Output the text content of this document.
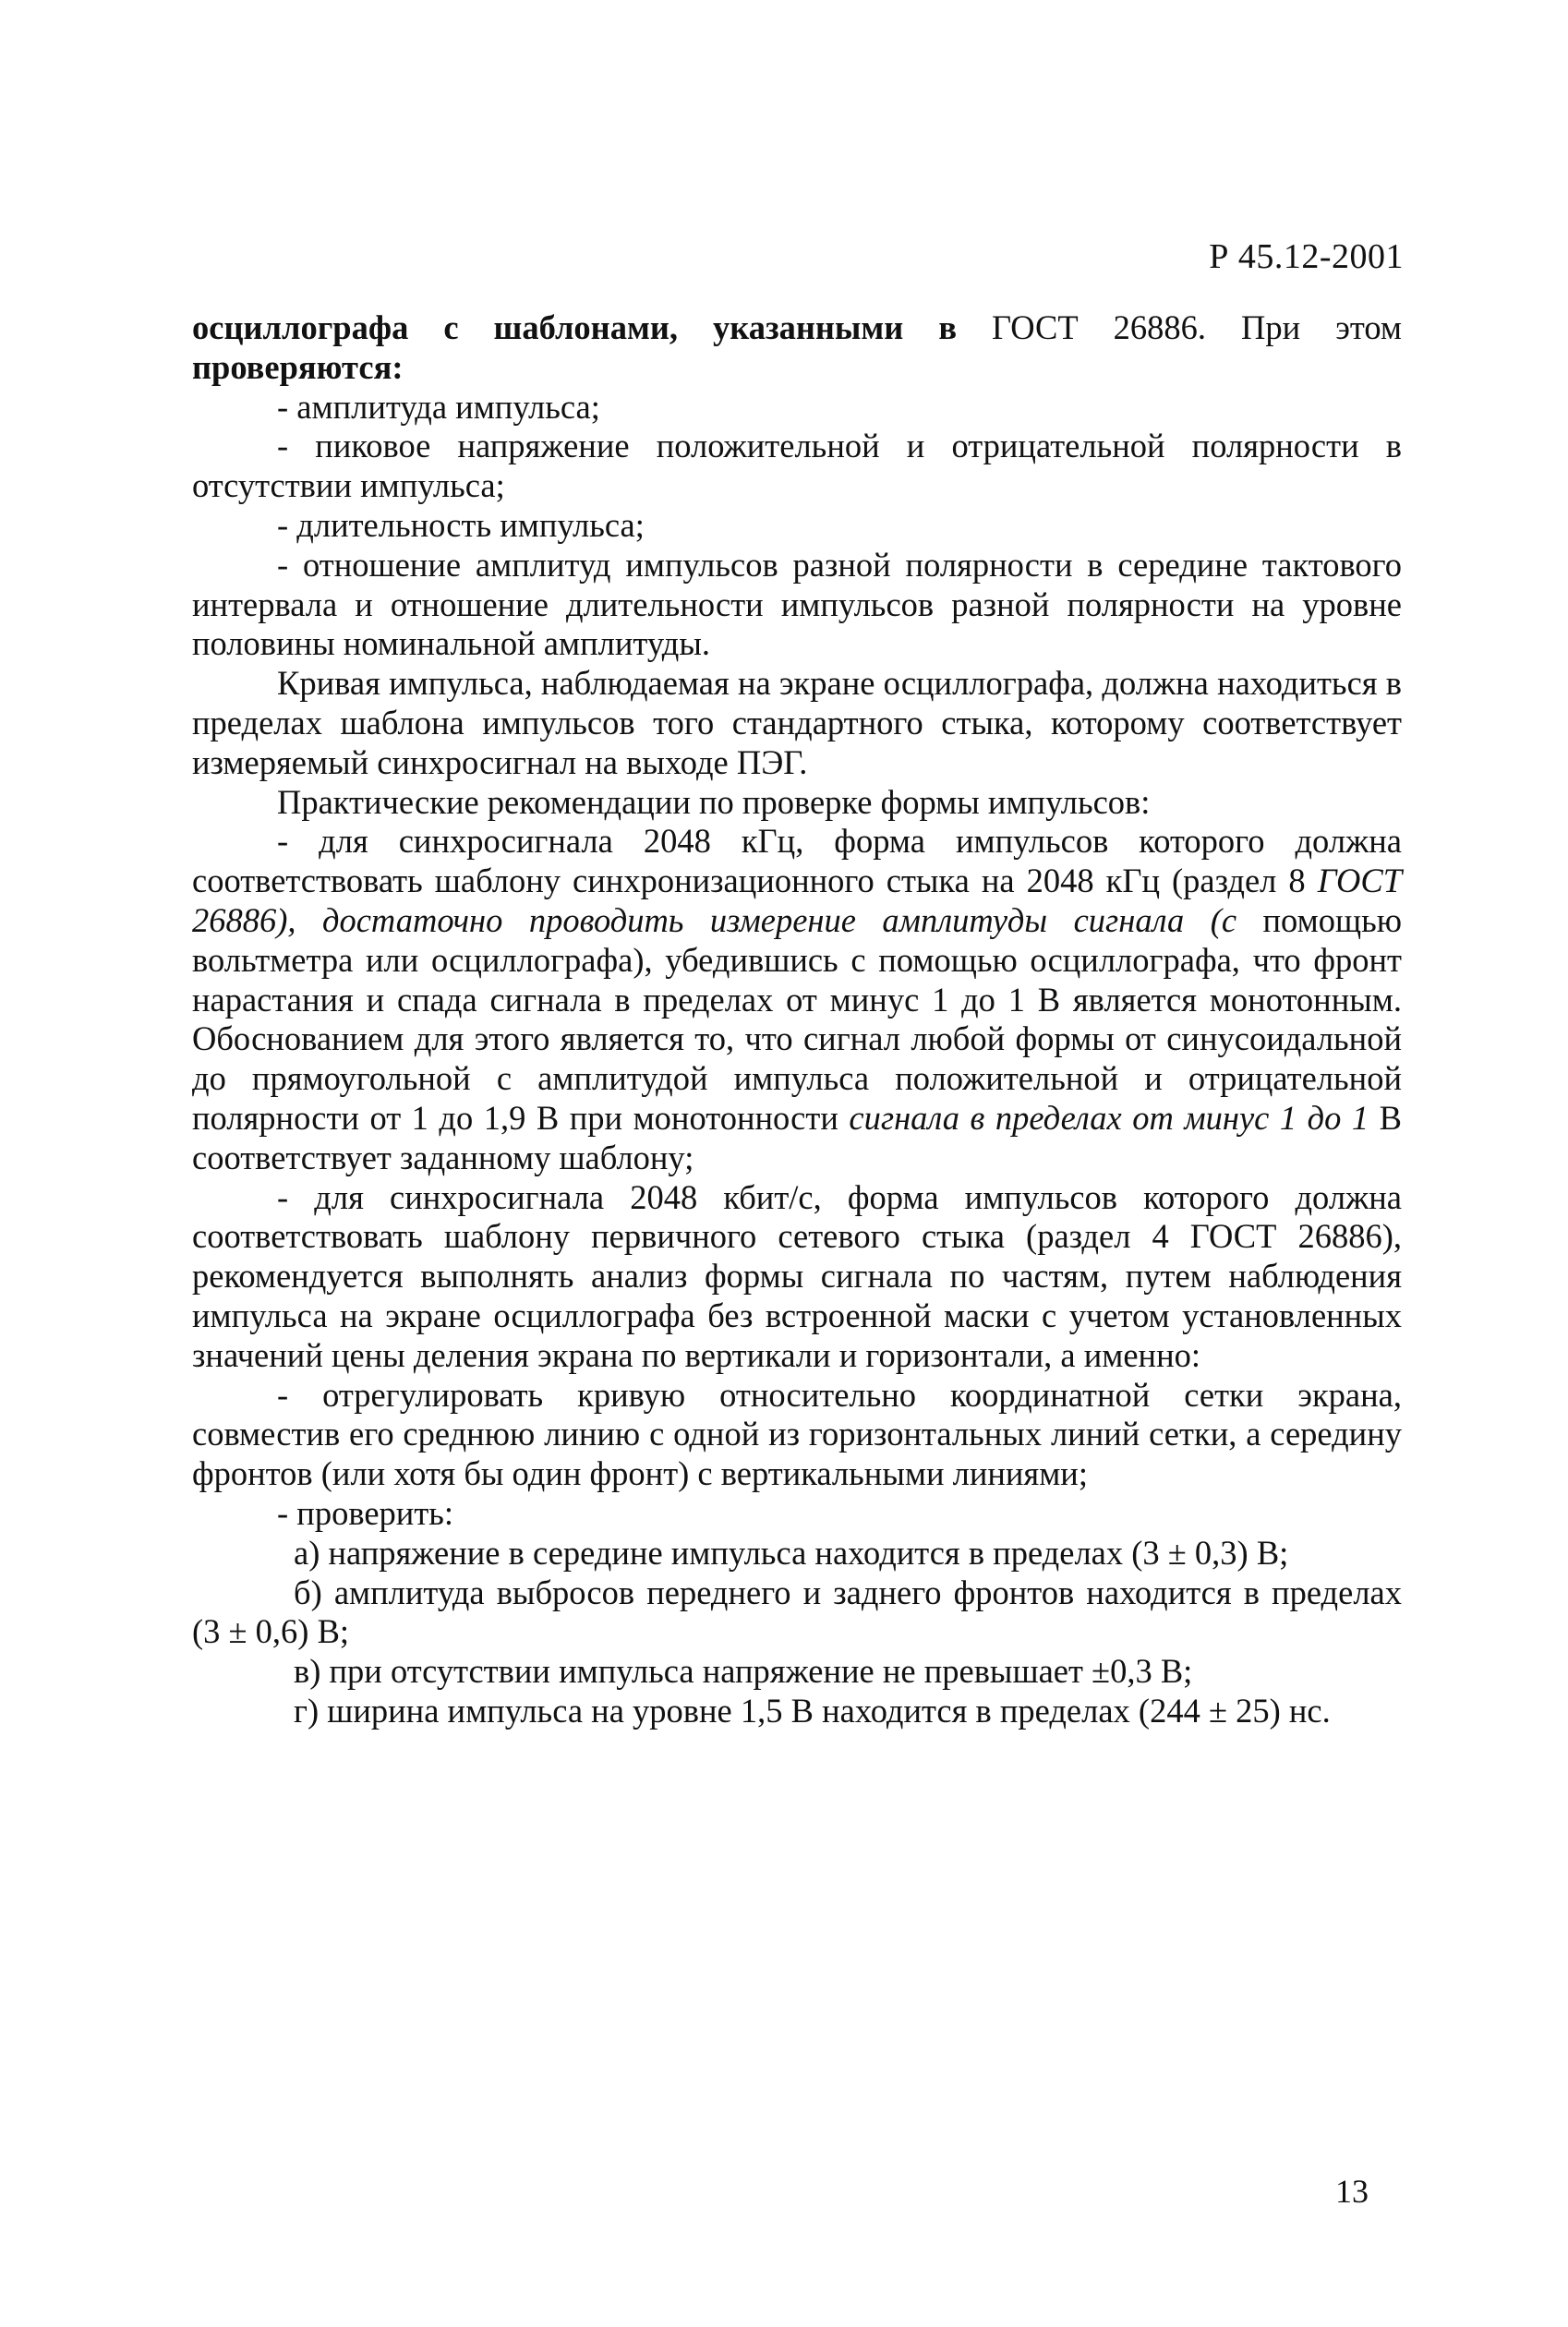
Р 45.12-2001

осциллографа с шаблонами, указанными в ГОСТ 26886. При этом проверяются:

- амплитуда импульса;

- пиковое напряжение положительной и отрицательной полярности в отсутствии импульса;

- длительность импульса;

- отношение амплитуд импульсов разной полярности в середине тактового интервала и отношение длительности импульсов разной полярности на уровне половины номинальной амплитуды.

Кривая импульса, наблюдаемая на экране осциллографа, должна находиться в пределах шаблона импульсов того стандартного стыка, которому соответствует измеряемый синхросигнал на выходе ПЭГ.

Практические рекомендации по проверке формы импульсов:

- для синхросигнала 2048 кГц, форма импульсов которого должна соответствовать шаблону синхронизационного стыка на 2048 кГц (раздел 8 ГОСТ 26886), достаточно проводить измерение амплитуды сигнала (с помощью вольтметра или осциллографа), убедившись с помощью осциллографа, что фронт нарастания и спада сигнала в пределах от минус 1 до 1 В является монотонным. Обоснованием для этого является то, что сигнал любой формы от синусоидальной до прямоугольной с амплитудой импульса положительной и отрицательной полярности от 1 до 1,9 В при монотонности сигнала в пределах от минус 1 до 1 В соответствует заданному шаблону;

- для синхросигнала 2048 кбит/с, форма импульсов которого должна соответствовать шаблону первичного сетевого стыка (раздел 4 ГОСТ 26886), рекомендуется выполнять анализ формы сигнала по частям, путем наблюдения импульса на экране осциллографа без встроенной маски с учетом установленных значений цены деления экрана по вертикали и горизонтали, а именно:

- отрегулировать кривую относительно координатной сетки экрана, совместив его среднюю линию с одной из горизонтальных линий сетки, а середину фронтов (или хотя бы один фронт) с вертикальными линиями;

- проверить:

а) напряжение в середине импульса находится в пределах (3 ± 0,3) В;

б) амплитуда выбросов переднего и заднего фронтов находится в пределах (3 ± 0,6) В;

в) при отсутствии импульса напряжение не превышает ±0,3 В;

г) ширина импульса на уровне 1,5 В находится в пределах (244 ± 25) нс.

13
